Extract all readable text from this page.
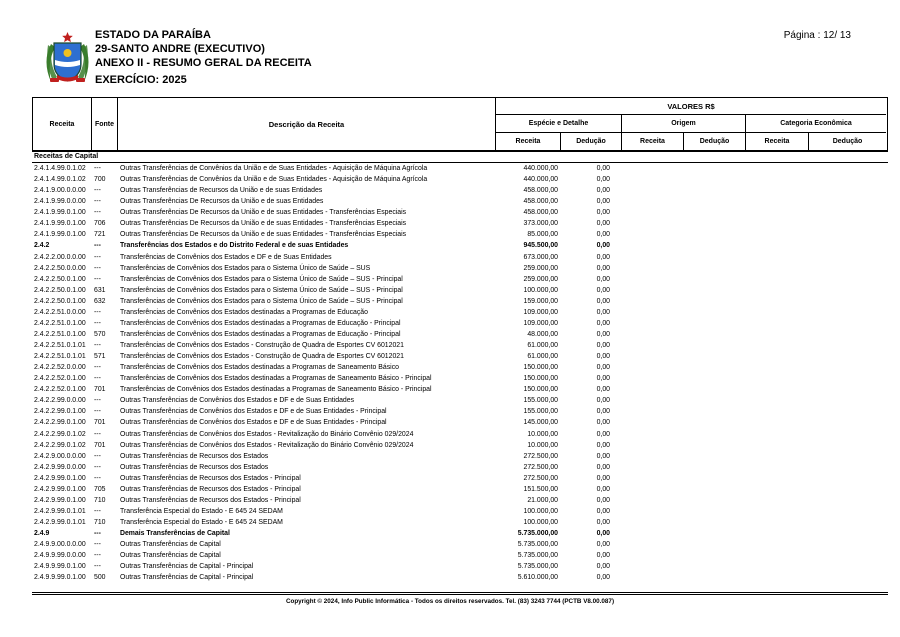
ESTADO DA PARAÍBA
29-SANTO ANDRE (EXECUTIVO)
ANEXO II - RESUMO GERAL DA RECEITA
EXERCÍCIO: 2025
Página : 12/ 13
Receita	Fonte	Descrição da Receita
VALORES R$
Espécie e Detalhe	Origem	Categoria Econômica
Receita	Dedução	Receita	Dedução	Receita	Dedução
Receitas de Capital
2.4.1.4.99.0.1.02	---	Outras Transferências de Convênios da União e de Suas Entidades - Aquisição de Máquina Agrícola	440.000,00	0,00
2.4.1.4.99.0.1.02	700	Outras Transferências de Convênios da União e de Suas Entidades - Aquisição de Máquina Agrícola	440.000,00	0,00
2.4.1.9.00.0.0.00	---	Outras Transferências de Recursos da União e de suas Entidades	458.000,00	0,00
2.4.1.9.99.0.0.00	---	Outras Transferências De Recursos da União e de suas Entidades	458.000,00	0,00
2.4.1.9.99.0.1.00	---	Outras Transferências De Recursos da União e de suas Entidades - Transferências Especiais	458.000,00	0,00
2.4.1.9.99.0.1.00	706	Outras Transferências De Recursos da União e de suas Entidades - Transferências Especiais	373.000,00	0,00
2.4.1.9.99.0.1.00	721	Outras Transferências De Recursos da União e de suas Entidades - Transferências Especiais	85.000,00	0,00
2.4.2	---	Transferências dos Estados e do Distrito Federal e de suas Entidades	945.500,00	0,00
2.4.2.2.00.0.0.00	---	Transferências de Convênios dos Estados e DF e de Suas Entidades	673.000,00	0,00
2.4.2.2.50.0.0.00	---	Transferências de Convênios dos Estados para o Sistema Único de Saúde – SUS	259.000,00	0,00
2.4.2.2.50.0.1.00	---	Transferências de Convênios dos Estados para o Sistema Único de Saúde – SUS - Principal	259.000,00	0,00
2.4.2.2.50.0.1.00	631	Transferências de Convênios dos Estados para o Sistema Único de Saúde – SUS - Principal	100.000,00	0,00
2.4.2.2.50.0.1.00	632	Transferências de Convênios dos Estados para o Sistema Único de Saúde – SUS - Principal	159.000,00	0,00
2.4.2.2.51.0.0.00	---	Transferências de Convênios dos Estados destinadas a Programas de Educação	109.000,00	0,00
2.4.2.2.51.0.1.00	---	Transferências de Convênios dos Estados destinadas a Programas de Educação - Principal	109.000,00	0,00
2.4.2.2.51.0.1.00	570	Transferências de Convênios dos Estados destinadas a Programas de Educação - Principal	48.000,00	0,00
2.4.2.2.51.0.1.01	---	Transferências de Convênios dos Estados - Construção de Quadra de Esportes CV 6012021	61.000,00	0,00
2.4.2.2.51.0.1.01	571	Transferências de Convênios dos Estados - Construção de Quadra de Esportes CV 6012021	61.000,00	0,00
2.4.2.2.52.0.0.00	---	Transferências de Convênios dos Estados destinadas a Programas de Saneamento Básico	150.000,00	0,00
2.4.2.2.52.0.1.00	---	Transferências de Convênios dos Estados destinadas a Programas de Saneamento Básico - Principal	150.000,00	0,00
2.4.2.2.52.0.1.00	701	Transferências de Convênios dos Estados destinadas a Programas de Saneamento Básico - Principal	150.000,00	0,00
2.4.2.2.99.0.0.00	---	Outras Transferências de Convênios dos Estados e DF e de Suas Entidades	155.000,00	0,00
2.4.2.2.99.0.1.00	---	Outras Transferências de Convênios dos Estados e DF e de Suas Entidades - Principal	155.000,00	0,00
2.4.2.2.99.0.1.00	701	Outras Transferências de Convênios dos Estados e DF e de Suas Entidades - Principal	145.000,00	0,00
2.4.2.2.99.0.1.02	---	Outras Transferências de Convênios dos Estados - Revitalização do Binário Convênio 029/2024	10.000,00	0,00
2.4.2.2.99.0.1.02	701	Outras Transferências de Convênios dos Estados - Revitalização do Binário Convênio 029/2024	10.000,00	0,00
2.4.2.9.00.0.0.00	---	Outras Transferências de Recursos dos Estados	272.500,00	0,00
2.4.2.9.99.0.0.00	---	Outras Transferências de Recursos dos Estados	272.500,00	0,00
2.4.2.9.99.0.1.00	---	Outras Transferências de Recursos dos Estados - Principal	272.500,00	0,00
2.4.2.9.99.0.1.00	705	Outras Transferências de Recursos dos Estados - Principal	151.500,00	0,00
2.4.2.9.99.0.1.00	710	Outras Transferências de Recursos dos Estados - Principal	21.000,00	0,00
2.4.2.9.99.0.1.01	---	Transferência Especial do Estado - E 645 24 SEDAM	100.000,00	0,00
2.4.2.9.99.0.1.01	710	Transferência Especial do Estado - E 645 24 SEDAM	100.000,00	0,00
2.4.9	---	Demais Transferências de Capital	5.735.000,00	0,00
2.4.9.9.00.0.0.00	---	Outras Transferências de Capital	5.735.000,00	0,00
2.4.9.9.99.0.0.00	---	Outras Transferências de Capital	5.735.000,00	0,00
2.4.9.9.99.0.1.00	---	Outras Transferências de Capital - Principal	5.735.000,00	0,00
2.4.9.9.99.0.1.00	500	Outras Transferências de Capital - Principal	5.610.000,00	0,00
Copyright © 2024, Info Public Informática - Todos os direitos reservados. Tel. (83) 3243 7744 (PCTB V8.00.087)
